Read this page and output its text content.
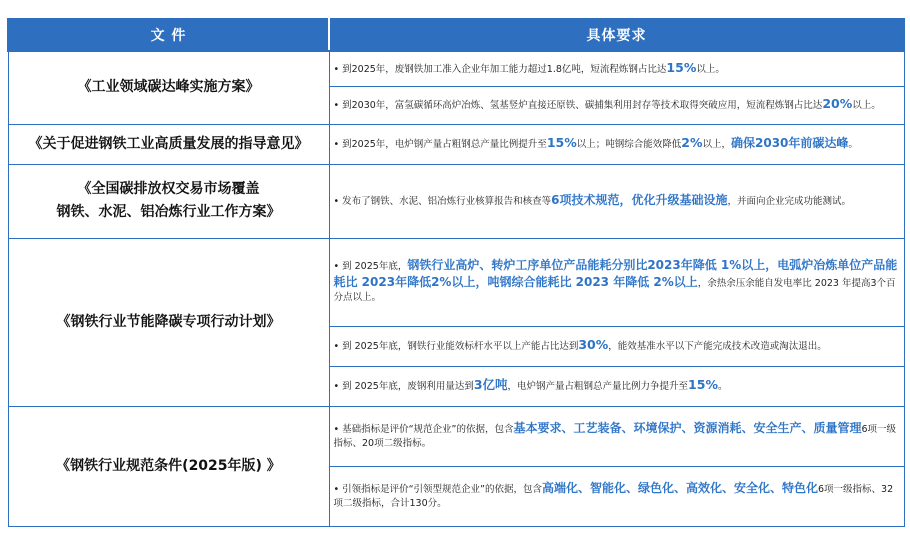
文 件	具体要求
《工业领域碳达峰实施方案》	• 到2025年，废钢铁加工准入企业年加工能力超过1.8亿吨，短流程炼钢占比达15%以上。
	• 到2030年，富氢碳循环高炉冶炼、氢基竖炉直接还原铁、碳捕集利用封存等技术取得突破应用，短流程炼钢占比达20%以上。
《关于促进钢铁工业高质量发展的指导意见》	• 到2025年，电炉钢产量占粗钢总产量比例提升至15%以上；吨钢综合能效降低2%以上，确保2030年前碳达峰。

《全国碳排放权交易市场覆盖
钢铁、水泥、铝冶炼行业工作方案》	• 发布了钢铁、水泥、铝冶炼行业核算报告和核查等6项技术规范，优化升级基础设施，并面向企业完成功能测试。
《钢铁行业节能降碳专项行动计划》	• 到 2025年底，钢铁行业高炉、转炉工序单位产品能耗分别比2023年降低 1%以上，电弧炉冶炼单位产品能耗比 2023年降低2%以上，吨钢综合能耗比 2023 年降低 2%以上，余热余压余能自发电率比 2023 年提高3个百分点以上。
	• 到 2025年底，钢铁行业能效标杆水平以上产能占比达到30%，能效基准水平以下产能完成技术改造或淘汰退出。
	• 到 2025年底，废钢利用量达到3亿吨，电炉钢产量占粗钢总产量比例力争提升至15%。
《钢铁行业规范条件(2025年版) 》	• 基础指标是评价“规范企业”的依据，包含基本要求、工艺装备、环境保护、资源消耗、安全生产、质量管理6项一级指标、20项二级指标。
	• 引领指标是评价“引领型规范企业”的依据，包含高端化、智能化、绿色化、高效化、安全化、特色化6项一级指标、32项二级指标，合计130分。
